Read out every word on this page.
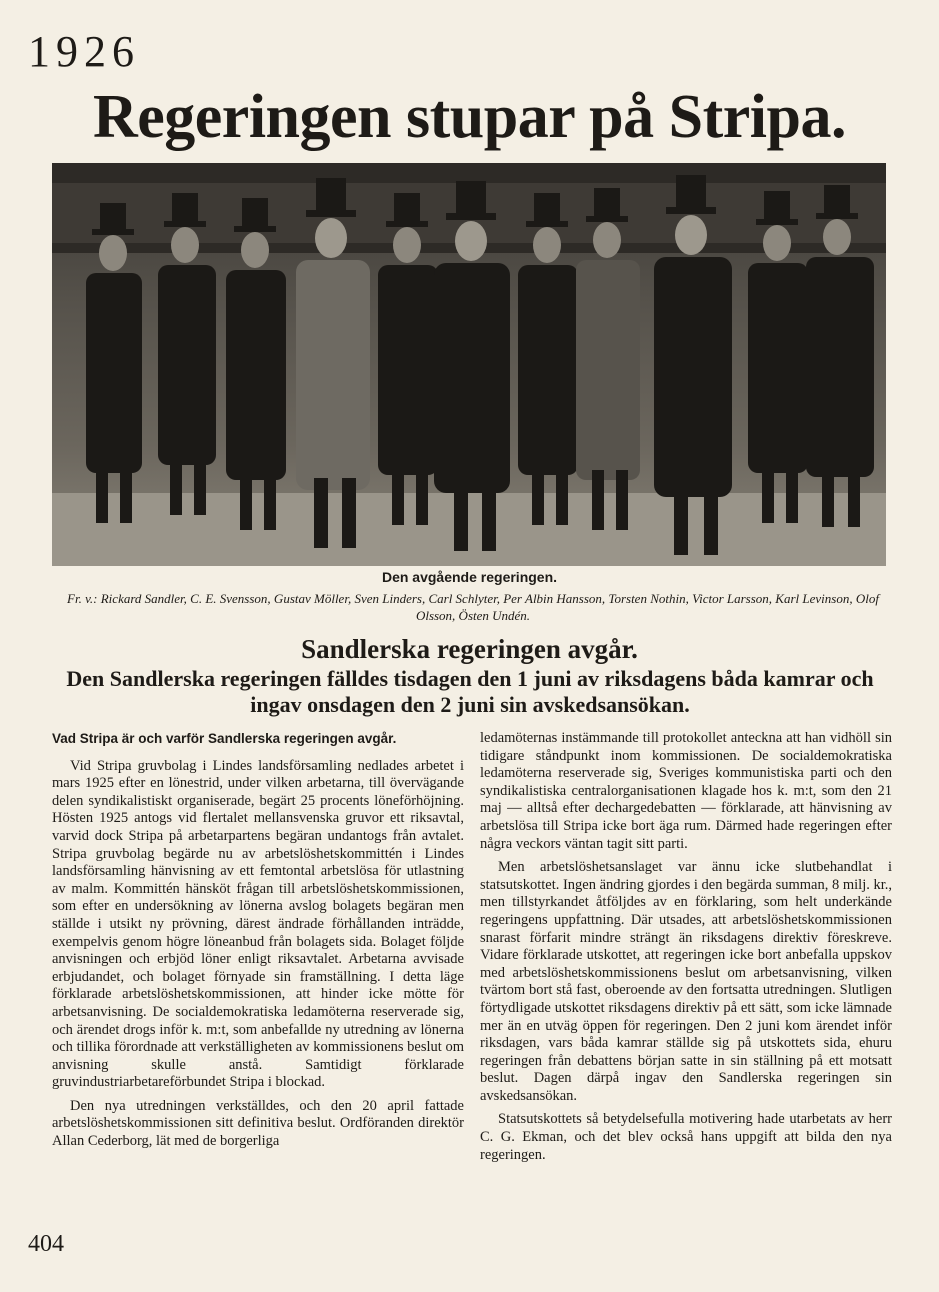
1926
Regeringen stupar på Stripa.
Den avgående regeringen.
Fr. v.: Rickard Sandler, C. E. Svensson, Gustav Möller, Sven Linders, Carl Schlyter, Per Albin Hansson, Torsten Nothin, Victor Larsson, Karl Levinson, Olof Olsson, Östen Undén.
Sandlerska regeringen avgår.
Den Sandlerska regeringen fälldes tisdagen den 1 juni av riksdagens båda kamrar och ingav onsdagen den 2 juni sin avskedsansökan.
Vad Stripa är och varför Sandlerska regeringen avgår.

Vid Stripa gruvbolag i Lindes landsförsamling nedlades arbetet i mars 1925 efter en lönestrid, under vilken arbetarna, till övervägande delen syndikalistiskt organiserade, begärt 25 procents löneförhöjning. Hösten 1925 antogs vid flertalet mellansvenska gruvor ett riksavtal, varvid dock Stripa på arbetarpartens begäran undantogs från avtalet. Stripa gruvbolag begärde nu av arbetslöshetskommittén i Lindes landsförsamling hänvisning av ett femtontal arbetslösa för utlastning av malm. Kommittén hänsköt frågan till arbetslöshetskommissionen, som efter en undersökning av lönerna avslog bolagets begäran men ställde i utsikt ny prövning, därest ändrade förhållanden inträdde, exempelvis genom högre löneanbud från bolagets sida. Bolaget följde anvisningen och erbjöd löner enligt riksavtalet. Arbetarna avvisade erbjudandet, och bolaget förnyade sin framställning. I detta läge förklarade arbetslöshetskommissionen, att hinder icke mötte för arbetsanvisning. De socialdemokratiska ledamöterna reserverade sig, och ärendet drogs inför k. m:t, som anbefallde ny utredning av lönerna och tillika förordnade att verkställigheten av kommissionens beslut om anvisning skulle anstå. Samtidigt förklarade gruvindustriarbetareförbundet Stripa i blockad.

Den nya utredningen verkställdes, och den 20 april fattade arbetslöshetskommissionen sitt definitiva beslut. Ordföranden direktör Allan Cederborg, lät med de borgerliga

ledamöternas instämmande till protokollet anteckna att han vidhöll sin tidigare ståndpunkt inom kommissionen. De socialdemokratiska ledamöterna reserverade sig, Sveriges kommunistiska parti och den syndikalistiska centralorganisationen klagade hos k. m:t, som den 21 maj — alltså efter dechargedebatten — förklarade, att hänvisning av arbetslösa till Stripa icke bort äga rum. Därmed hade regeringen efter några veckors väntan tagit sitt parti.

Men arbetslöshetsanslaget var ännu icke slutbehandlat i statsutskottet. Ingen ändring gjordes i den begärda summan, 8 milj. kr., men tillstyrkandet åtföljdes av en förklaring, som helt underkände regeringens uppfattning. Där utsades, att arbetslöshetskommissionen snarast förfarit mindre strängt än riksdagens direktiv föreskreve. Vidare förklarade utskottet, att regeringen icke bort anbefalla uppskov med arbetslöshetskommissionens beslut om arbetsanvisning, vilken tvärtom bort stå fast, oberoende av den fortsatta utredningen. Slutligen förtydligade utskottet riksdagens direktiv på ett sätt, som icke lämnade mer än en utväg öppen för regeringen. Den 2 juni kom ärendet inför riksdagen, vars båda kamrar ställde sig på utskottets sida, ehuru regeringen från debattens början satte in sin ställning på ett motsatt beslut. Dagen därpå ingav den Sandlerska regeringen sin avskedsansökan.

Statsutskottets så betydelsefulla motivering hade utarbetats av herr C. G. Ekman, och det blev också hans uppgift att bilda den nya regeringen.

404
